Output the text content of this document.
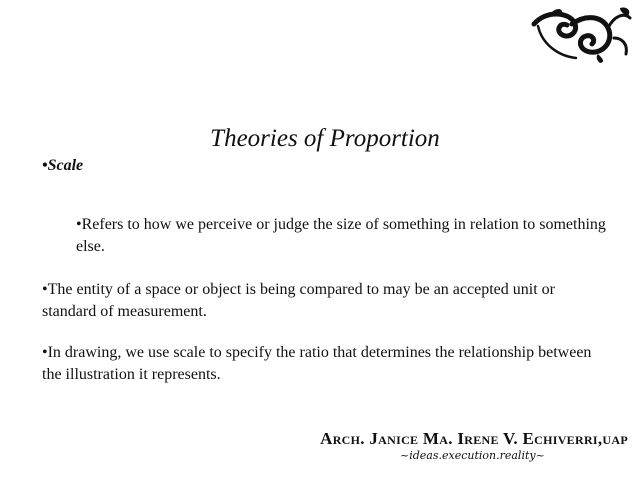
Theories of Proportion
•Scale
•Refers to how we perceive or judge the size of something in relation to something else.
•The entity of a space or object is being compared to may be an accepted unit or standard of measurement.
•In drawing, we use scale to specify the ratio that determines the relationship between the illustration it represents.
Arch. Janice Ma. Irene V. Echiverri,uap
~ideas.execution.reality~
